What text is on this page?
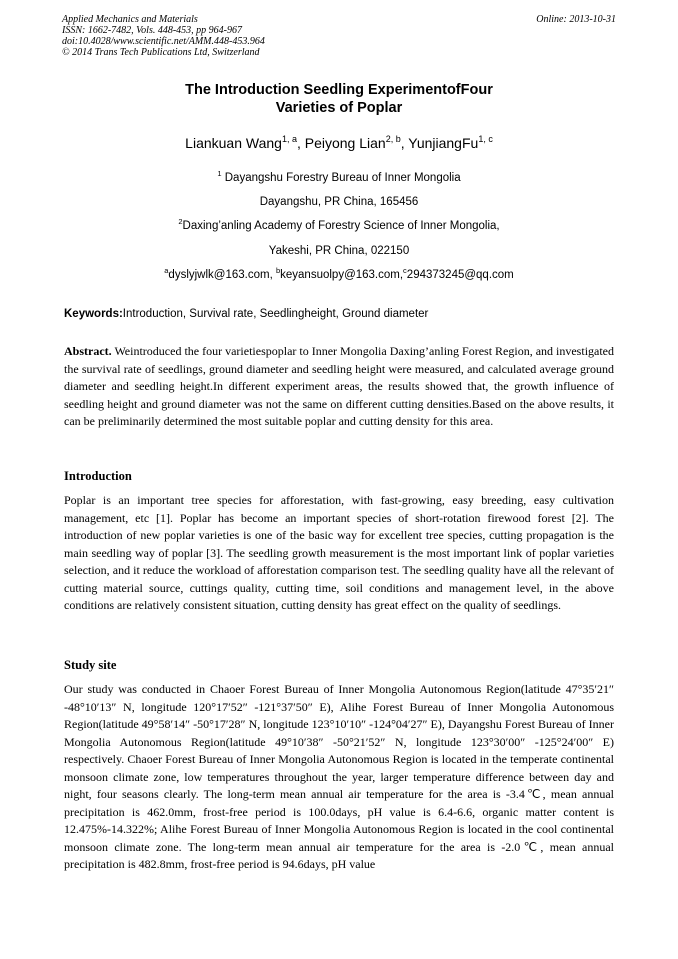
Applied Mechanics and Materials
ISSN: 1662-7482, Vols. 448-453, pp 964-967
doi:10.4028/www.scientific.net/AMM.448-453.964
© 2014 Trans Tech Publications Ltd, Switzerland
Online: 2013-10-31
The Introduction Seedling ExperimentofFour
Varieties of Poplar
Liankuan Wang$^{1, a}$, Peiyong Lian$^{2, b}$, YunjiangFu$^{1, c}$
$^1$ Dayangshu Forestry Bureau of Inner Mongolia
Dayangshu, PR China, 165456
$^2$Daxing’anling Academy of Forestry Science of Inner Mongolia,
Yakeshi, PR China, 022150
$^a$dyslyjwlk@163.com, $^b$keyansuolpy@163.com,$^c$294373245@qq.com
Keywords:Introduction, Survival rate, Seedlingheight, Ground diameter
Abstract. Weintroduced the four varietiespoplar to Inner Mongolia Daxing’anling Forest Region, and investigated the survival rate of seedlings, ground diameter and seedling height were measured, and calculated average ground diameter and seedling height.In different experiment areas, the results showed that, the growth influence of seedling height and ground diameter was not the same on different cutting densities.Based on the above results, it can be preliminarily determined the most suitable poplar and cutting density for this area.
Introduction
Poplar is an important tree species for afforestation, with fast-growing, easy breeding, easy cultivation management, etc [1]. Poplar has become an important species of short-rotation firewood forest [2]. The introduction of new poplar varieties is one of the basic way for excellent tree species, cutting propagation is the main seedling way of poplar [3]. The seedling growth measurement is the most important link of poplar varieties selection, and it reduce the workload of afforestation comparison test. The seedling quality have all the relevant of cutting material source, cuttings quality, cutting time, soil conditions and management level, in the above conditions are relatively consistent situation, cutting density has great effect on the quality of seedlings.
Study site
Our study was conducted in Chaoer Forest Bureau of Inner Mongolia Autonomous Region(latitude 47°35′21″ -48°10′13″ N, longitude 120°17′52″ -121°37′50″ E), Alihe Forest Bureau of Inner Mongolia Autonomous Region(latitude 49°58′14″ -50°17′28″ N, longitude 123°10′10″ -124°04′27″ E), Dayangshu Forest Bureau of Inner Mongolia Autonomous Region(latitude 49°10′38″ -50°21′52″ N, longitude 123°30′00″ -125°24′00″ E) respectively. Chaoer Forest Bureau of Inner Mongolia Autonomous Region is located in the temperate continental monsoon climate zone, low temperatures throughout the year, larger temperature difference between day and night, four seasons clearly. The long-term mean annual air temperature for the area is -3.4℃, mean annual precipitation is 462.0mm, frost-free period is 100.0days, pH value is 6.4-6.6, organic matter content is 12.475%-14.322%; Alihe Forest Bureau of Inner Mongolia Autonomous Region is located in the cool continental monsoon climate zone. The long-term mean annual air temperature for the area is -2.0℃, mean annual precipitation is 482.8mm, frost-free period is 94.6days, pH value
